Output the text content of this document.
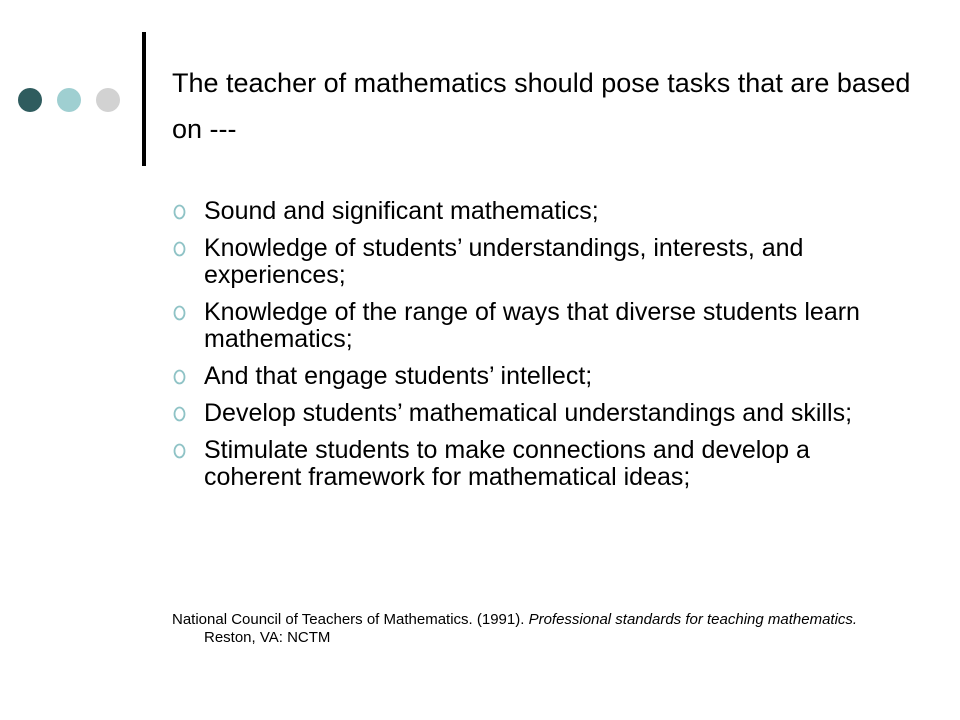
The teacher of mathematics should pose tasks that are based on ---
Sound and significant mathematics;
Knowledge of students’ understandings, interests, and experiences;
Knowledge of the range of ways that diverse students learn mathematics;
And that engage students’ intellect;
Develop students’ mathematical understandings and skills;
Stimulate students to make connections and develop a coherent framework for mathematical ideas;
National Council of Teachers of Mathematics. (1991). Professional standards for teaching mathematics. Reston, VA: NCTM
